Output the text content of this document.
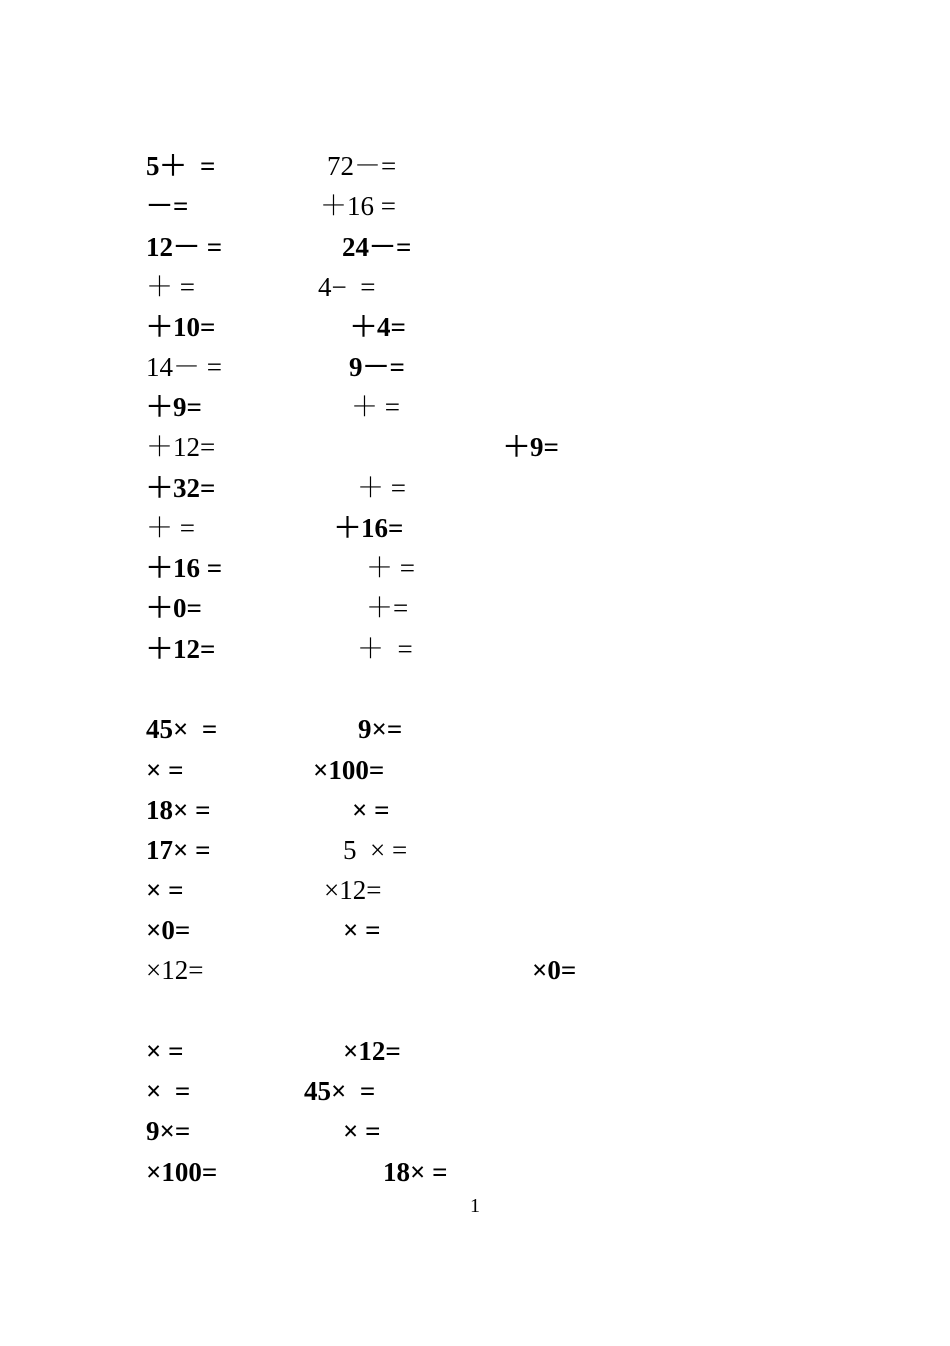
5＋  =	72－=
－=	＋16 =
12－ =	24－=
＋ =	4−  =
＋10=	＋4=
14－ =	9－=
＋9=	＋ =
＋12=	＋9=
＋32=	＋ =
＋ =	＋16=
＋16 =	＋ =
＋0=	＋=
＋12=	＋  =
45×  =	9×=
× =	×100=
18× =	× =
17× =	5  × =
× =	×12=
×0=	× =
×12=	×0=
× =	×12=
×  =	45×  =
9×=	× =
×100=	18× =
1
